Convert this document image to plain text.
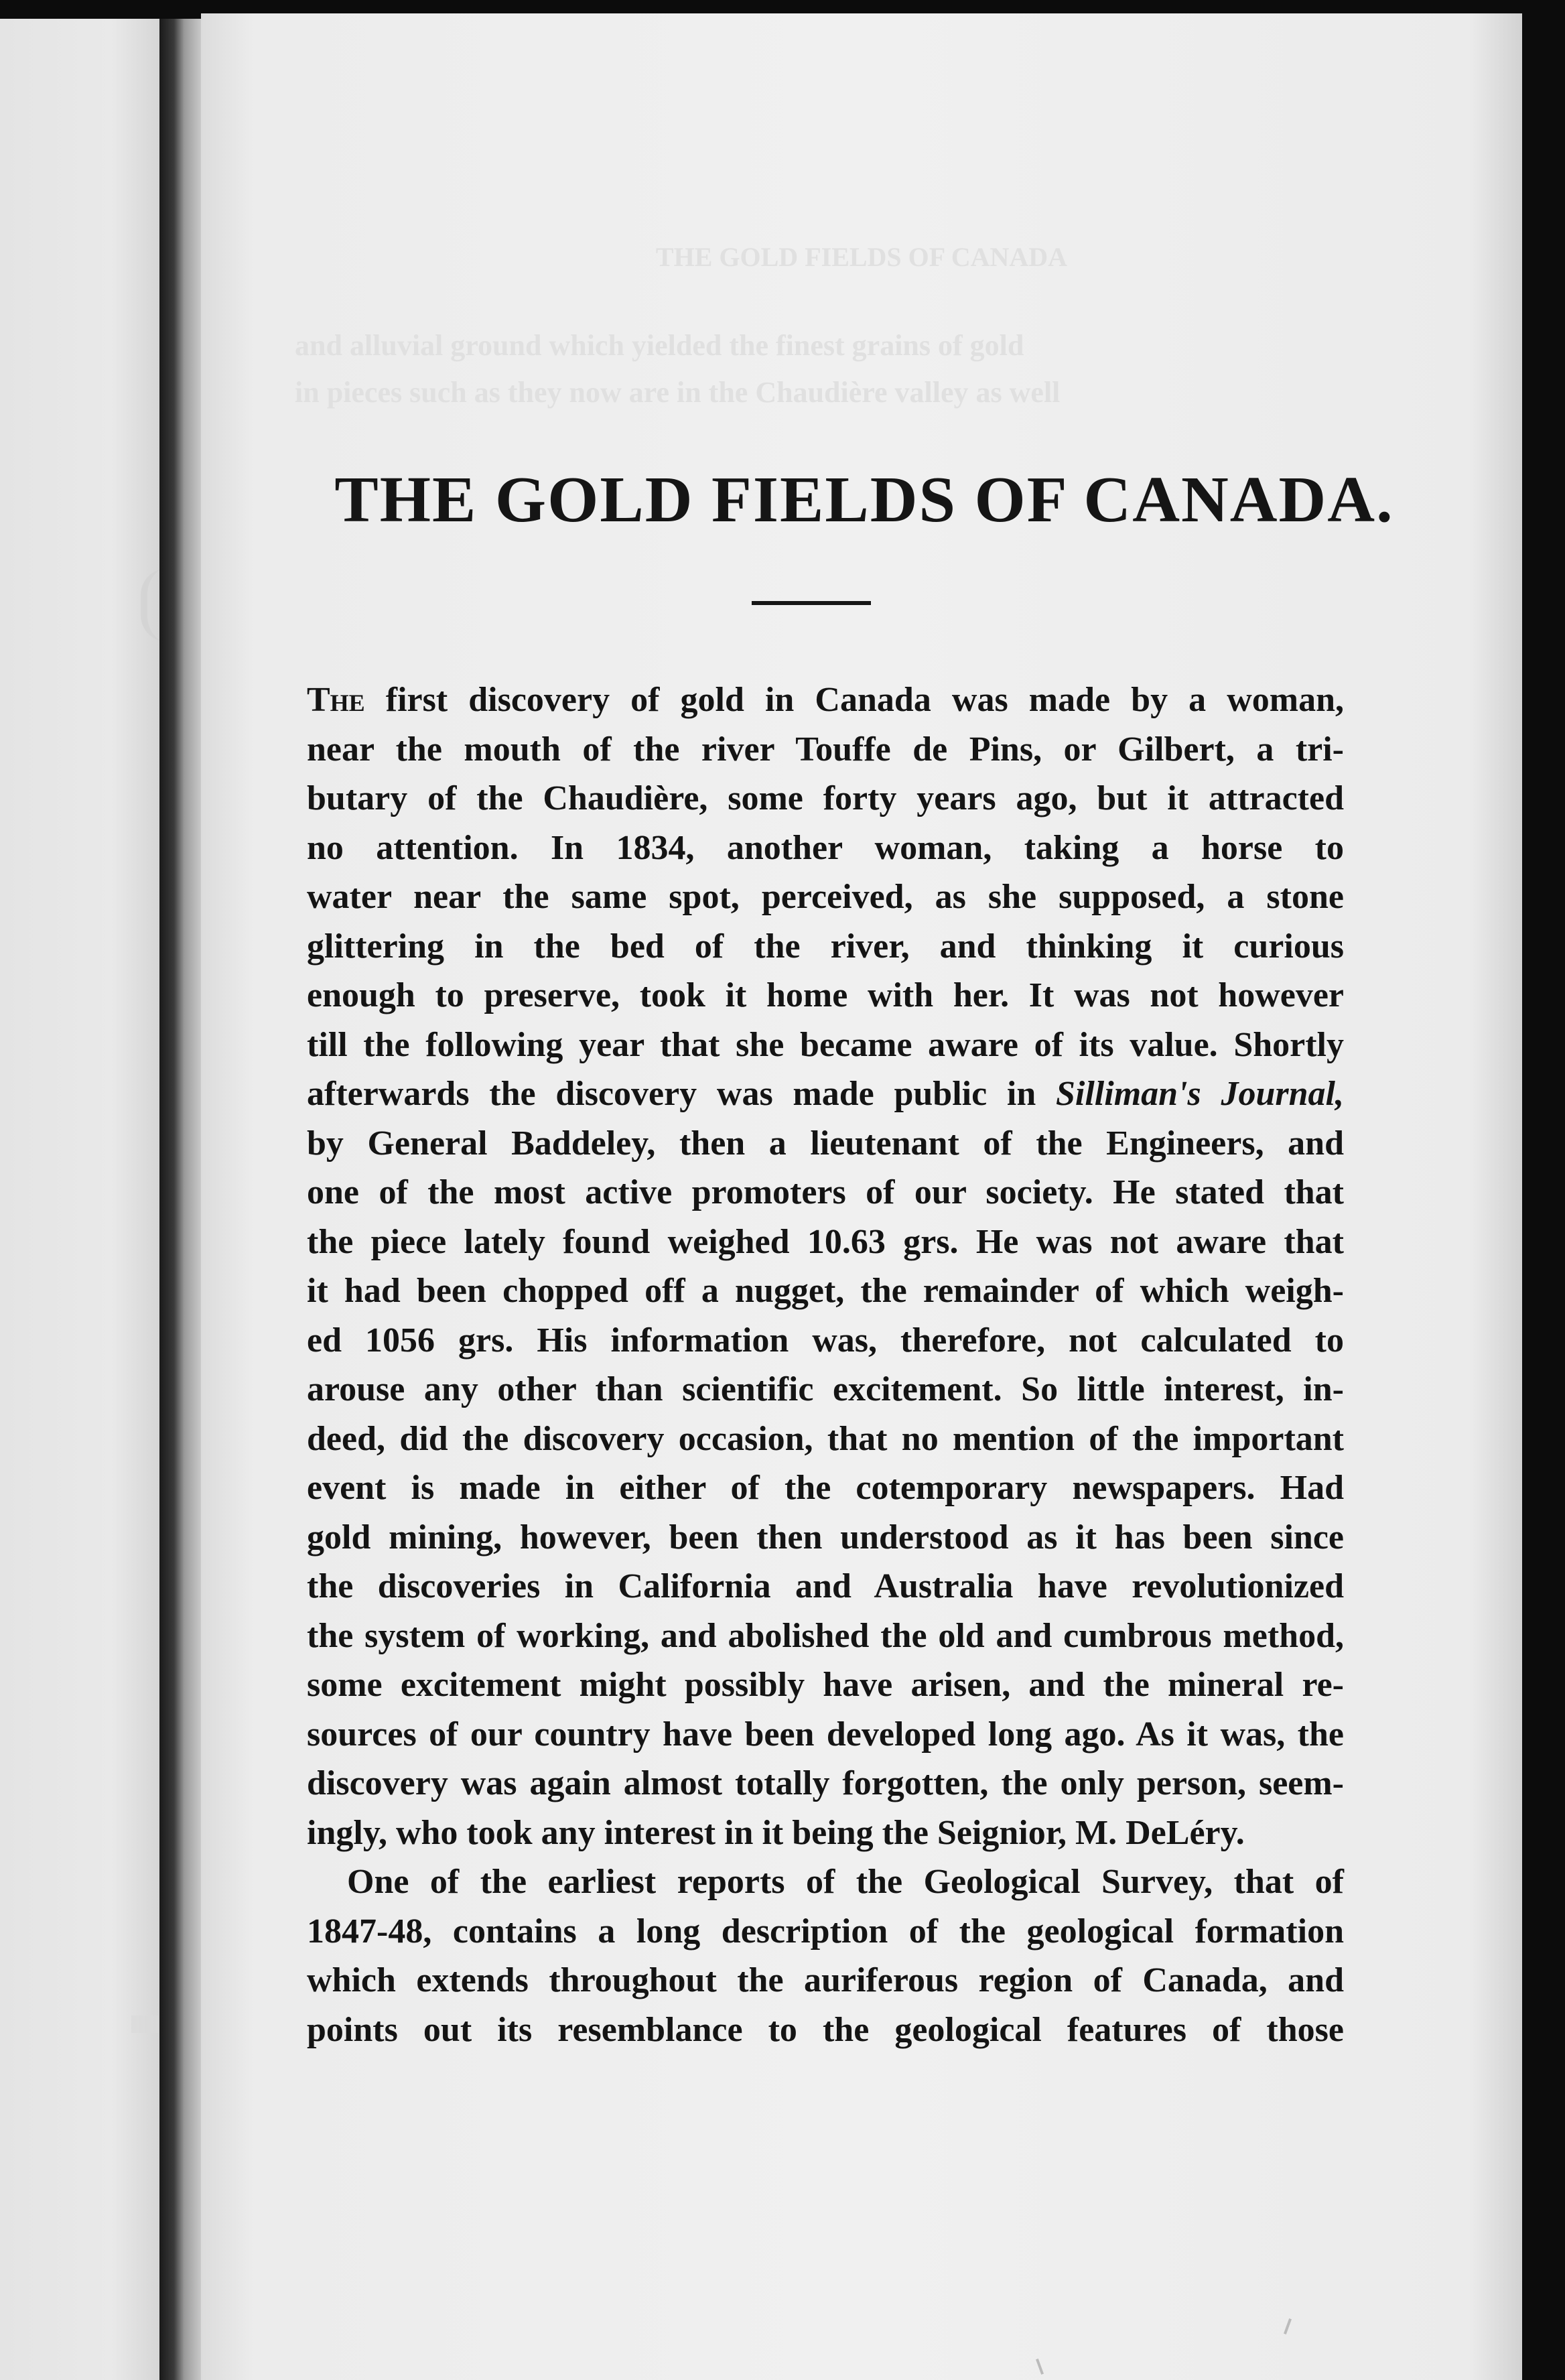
THE GOLD FIELDS OF CANADA
and alluvial ground which yielded the finest grains of gold
in pieces such as they now are in the Chaudière valley as well
THE GOLD FIELDS OF CANADA.
The first discovery of gold in Canada was made by a woman,
near the mouth of the river Touffe de Pins, or Gilbert, a tri-
butary of the Chaudière, some forty years ago, but it attracted
no attention. In 1834, another woman, taking a horse to
water near the same spot, perceived, as she supposed, a stone
glittering in the bed of the river, and thinking it curious
enough to preserve, took it home with her. It was not however
till the following year that she became aware of its value. Shortly
afterwards the discovery was made public in Silliman's Journal,
by General Baddeley, then a lieutenant of the Engineers, and
one of the most active promoters of our society. He stated that
the piece lately found weighed 10.63 grs. He was not aware that
it had been chopped off a nugget, the remainder of which weigh-
ed 1056 grs. His information was, therefore, not calculated to
arouse any other than scientific excitement. So little interest, in-
deed, did the discovery occasion, that no mention of the important
event is made in either of the cotemporary newspapers. Had
gold mining, however, been then understood as it has been since
the discoveries in California and Australia have revolutionized
the system of working, and abolished the old and cumbrous method,
some excitement might possibly have arisen, and the mineral re-
sources of our country have been developed long ago. As it was, the
discovery was again almost totally forgotten, the only person, seem-
ingly, who took any interest in it being the Seignior, M. DeLéry.
One of the earliest reports of the Geological Survey, that of
1847-48, contains a long description of the geological formation
which extends throughout the auriferous region of Canada, and
points out its resemblance to the geological features of those
